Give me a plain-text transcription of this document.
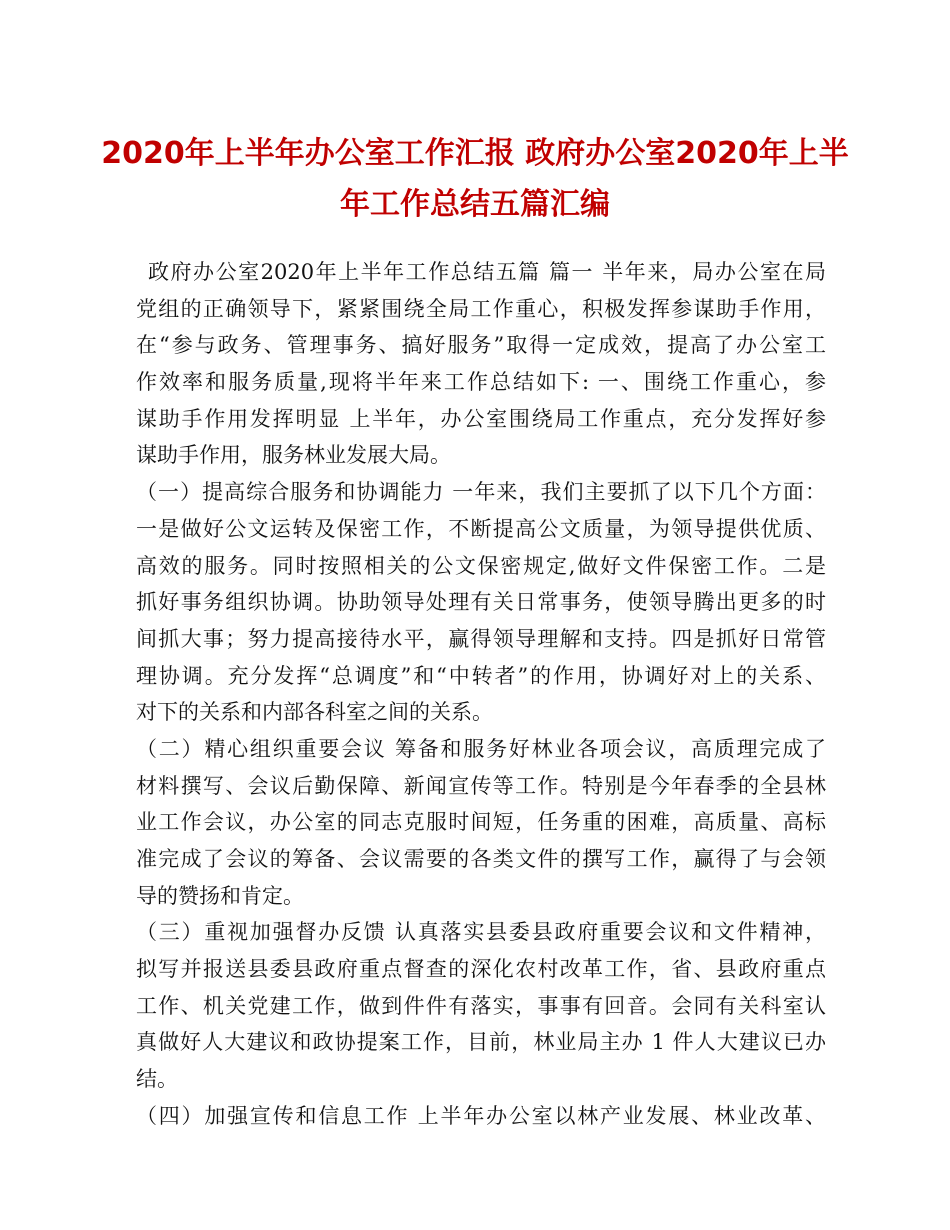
2020年上半年办公室工作汇报 政府办公室2020年上半
年工作总结五篇汇编
政府办公室2020年上半年工作总结五篇 篇一 半年来，局办公室在局
党组的正确领导下，紧紧围绕全局工作重心，积极发挥参谋助手作用，
在“参与政务、管理事务、搞好服务”取得一定成效，提高了办公室工
作效率和服务质量,现将半年来工作总结如下: 一、围绕工作重心，参
谋助手作用发挥明显 上半年，办公室围绕局工作重点，充分发挥好参
谋助手作用，服务林业发展大局。
（一）提高综合服务和协调能力 一年来，我们主要抓了以下几个方面：
一是做好公文运转及保密工作，不断提高公文质量，为领导提供优质、
高效的服务。同时按照相关的公文保密规定,做好文件保密工作。二是
抓好事务组织协调。协助领导处理有关日常事务，使领导腾出更多的时
间抓大事；努力提高接待水平，赢得领导理解和支持。四是抓好日常管
理协调。充分发挥“总调度”和“中转者”的作用，协调好对上的关系、
对下的关系和内部各科室之间的关系。
（二）精心组织重要会议 筹备和服务好林业各项会议，高质理完成了
材料撰写、会议后勤保障、新闻宣传等工作。特别是今年春季的全县林
业工作会议，办公室的同志克服时间短，任务重的困难，高质量、高标
准完成了会议的筹备、会议需要的各类文件的撰写工作，赢得了与会领
导的赞扬和肯定。
（三）重视加强督办反馈 认真落实县委县政府重要会议和文件精神，
拟写并报送县委县政府重点督查的深化农村改革工作，省、县政府重点
工作、机关党建工作，做到件件有落实，事事有回音。会同有关科室认
真做好人大建议和政协提案工作，目前，林业局主办 1 件人大建议已办
结。
（四）加强宣传和信息工作 上半年办公室以林产业发展、林业改革、
